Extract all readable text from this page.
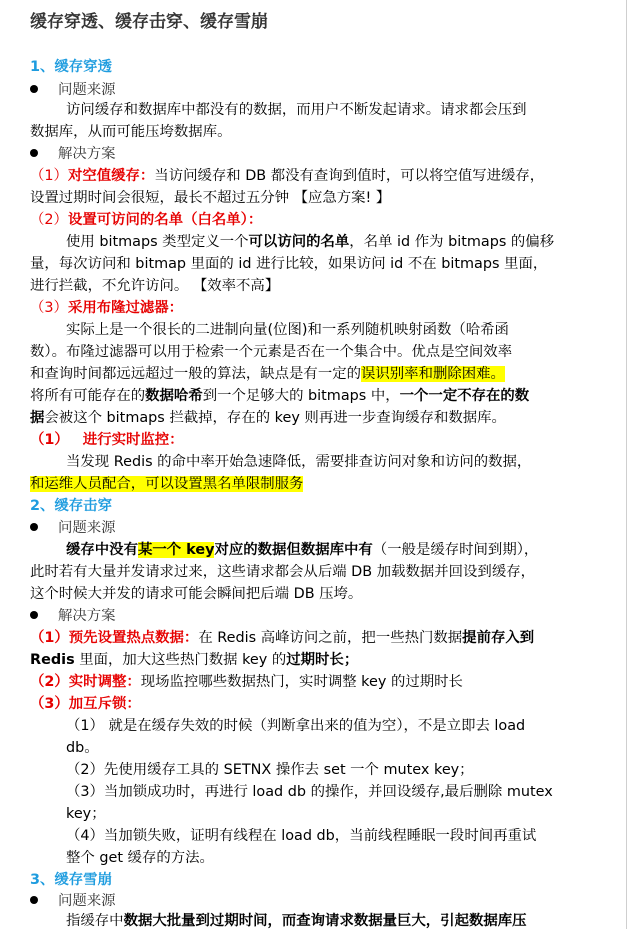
缓存穿透、缓存击穿、缓存雪崩
1、缓存穿透
问题来源
访问缓存和数据库中都没有的数据，而用户不断发起请求。请求都会压到
数据库，从而可能压垮数据库。
解决方案
（1）对空值缓存：当访问缓存和 DB 都没有查询到值时，可以将空值写进缓存，
设置过期时间会很短，最长不超过五分钟 【应急方案! 】
（2）设置可访问的名单（白名单）：
使用 bitmaps 类型定义一个可以访问的名单，名单 id 作为 bitmaps 的偏移
量，每次访问和 bitmap 里面的 id 进行比较，如果访问 id 不在 bitmaps 里面，
进行拦截，不允许访问。 【效率不高】
（3）采用布隆过滤器：
实际上是一个很长的二进制向量(位图)和一系列随机映射函数（哈希函
数）。布隆过滤器可以用于检索一个元素是否在一个集合中。优点是空间效率
和查询时间都远远超过一般的算法，缺点是有一定的误识别率和删除困难。
将所有可能存在的数据哈希到一个足够大的 bitmaps 中，一个一定不存在的数
据会被这个 bitmaps 拦截掉，存在的 key 则再进一步查询缓存和数据库。
（1） 进行实时监控：
当发现 Redis 的命中率开始急速降低，需要排查访问对象和访问的数据，
和运维人员配合，可以设置黑名单限制服务
2、缓存击穿
问题来源
缓存中没有某一个 key对应的数据但数据库中有（一般是缓存时间到期），
此时若有大量并发请求过来，这些请求都会从后端 DB 加载数据并回设到缓存，
这个时候大并发的请求可能会瞬间把后端 DB 压垮。
解决方案
（1）预先设置热点数据：在 Redis 高峰访问之前，把一些热门数据提前存入到
Redis 里面，加大这些热门数据 key 的过期时长；
（2）实时调整：现场监控哪些数据热门，实时调整 key 的过期时长
（3）加互斥锁：
（1） 就是在缓存失效的时候（判断拿出来的值为空），不是立即去 load
db。
（2）先使用缓存工具的 SETNX 操作去 set 一个 mutex key；
（3）当加锁成功时，再进行 load db 的操作，并回设缓存,最后删除 mutex
key；
（4）当加锁失败，证明有线程在 load db，当前线程睡眠一段时间再重试
整个 get 缓存的方法。
3、缓存雪崩
问题来源
指缓存中数据大批量到过期时间，而查询请求数据量巨大，引起数据库压
